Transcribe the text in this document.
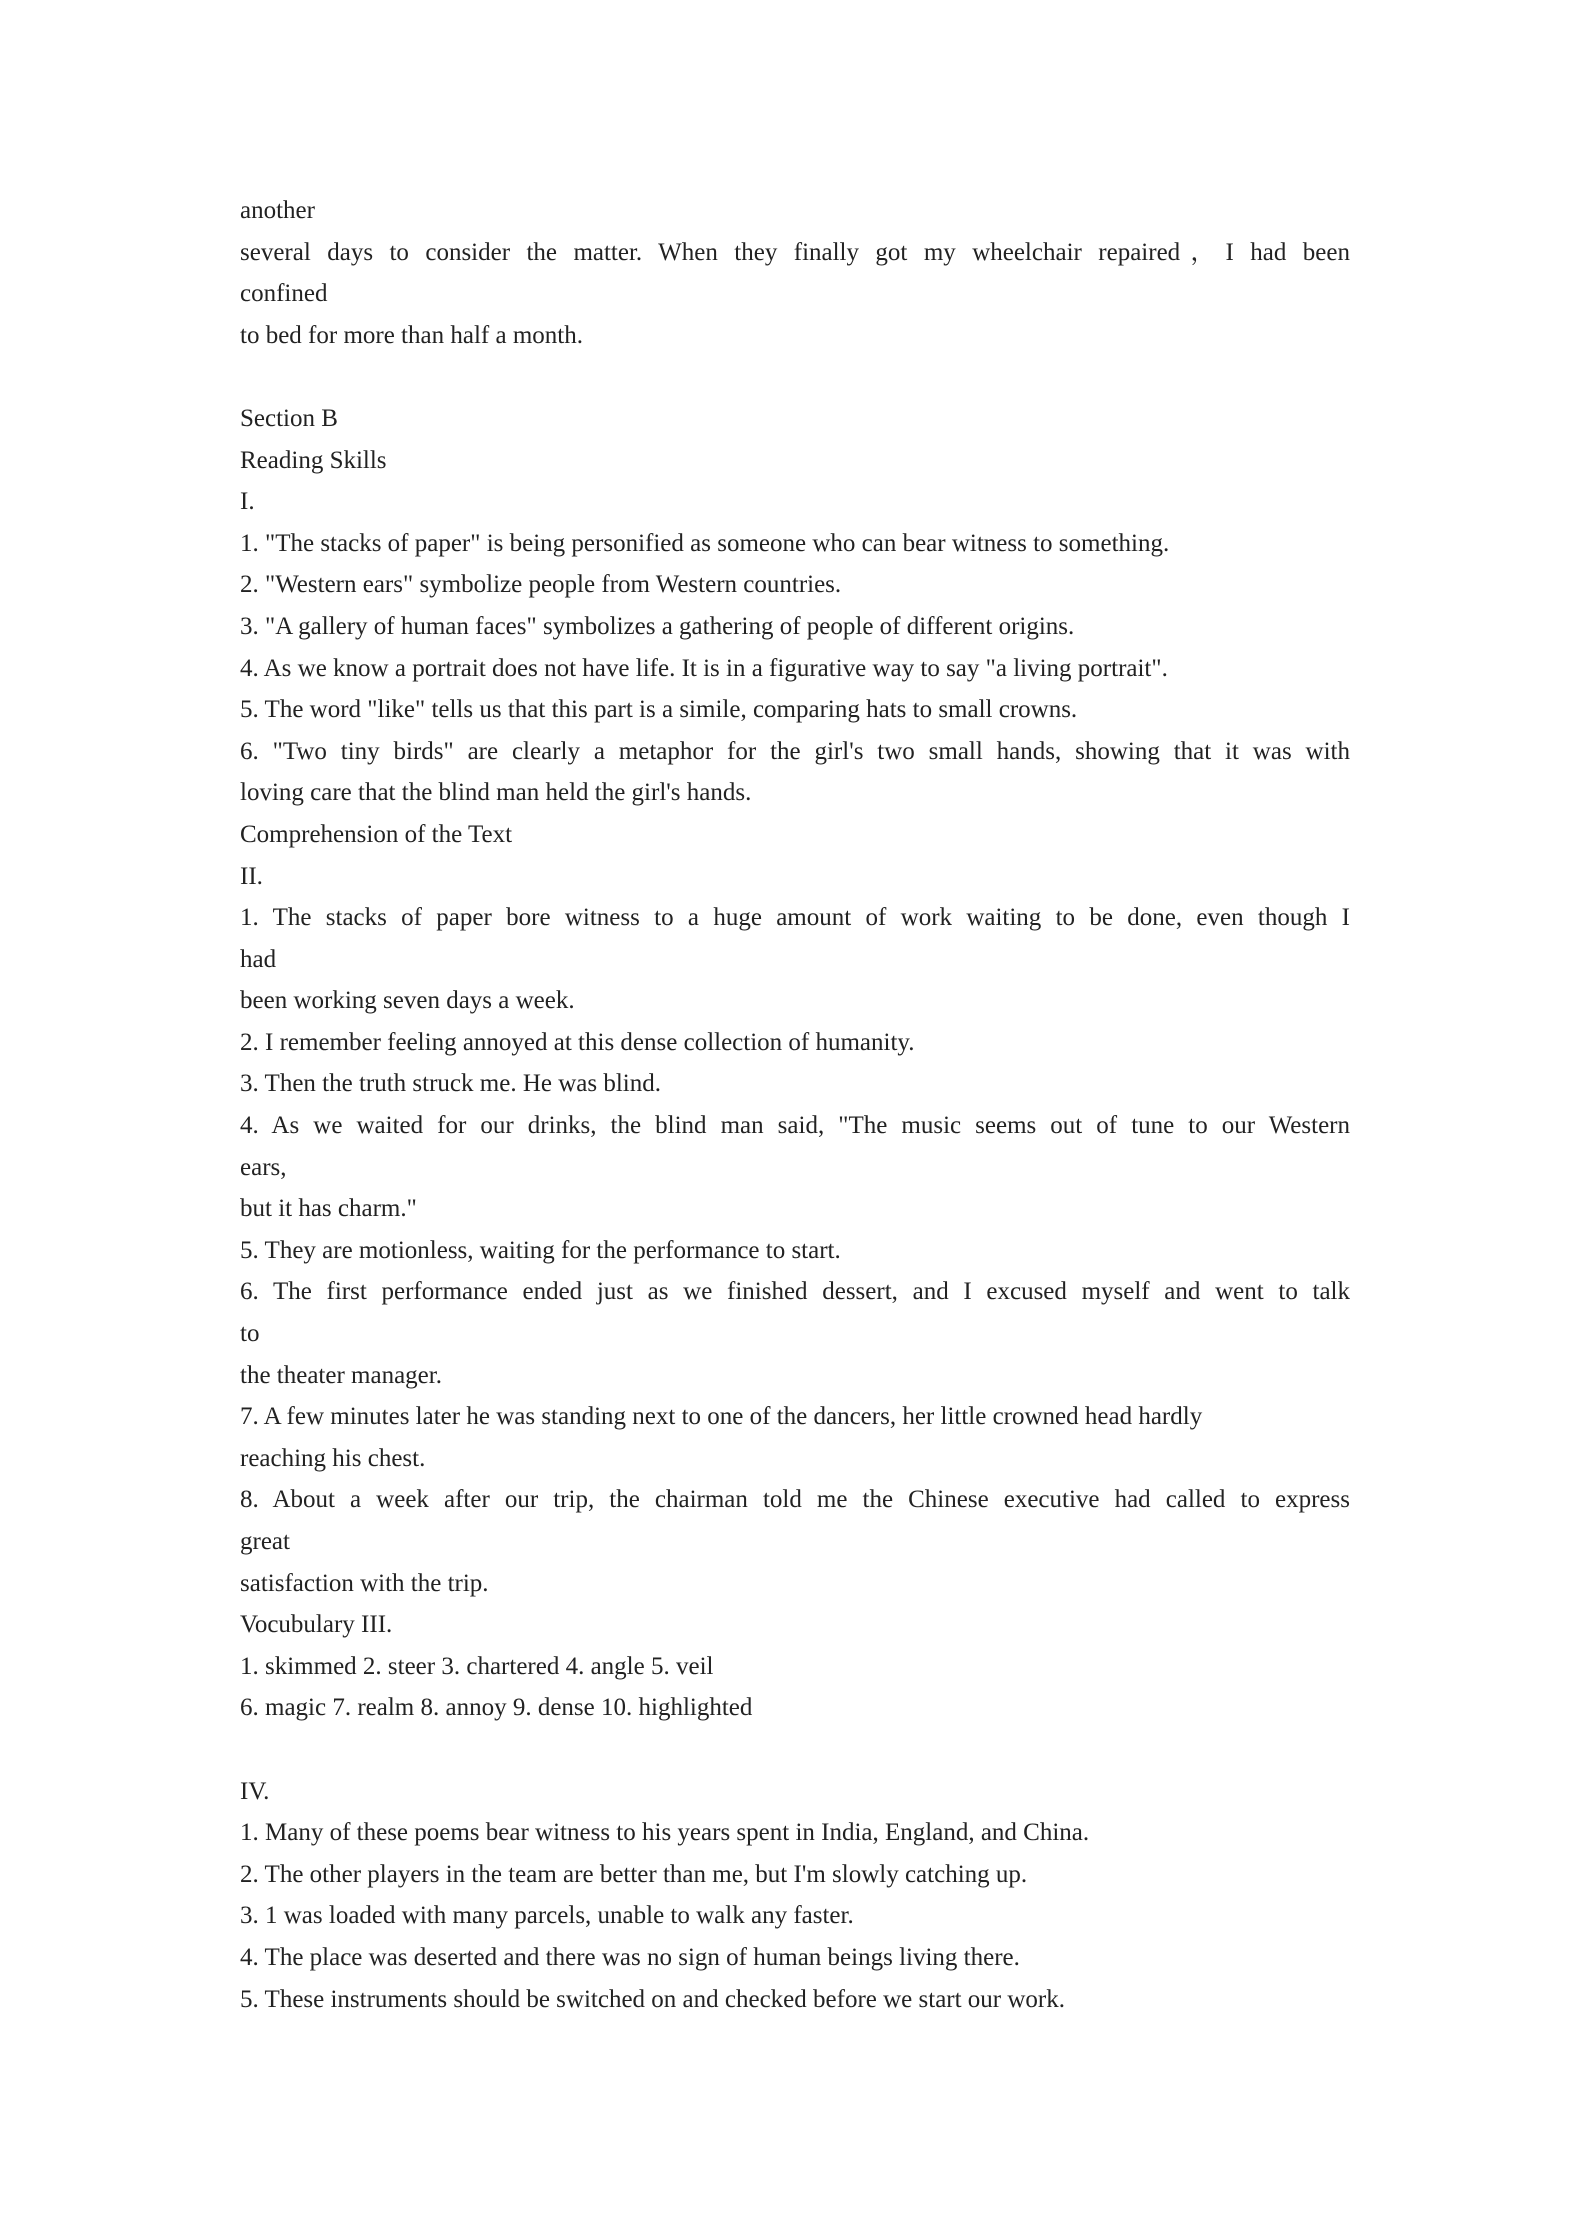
another
several days to consider the matter. When they finally got my wheelchair repaired，I had been
confined
to bed for more than half a month.
Section B
Reading Skills
I.
1. "The stacks of paper" is being personified as someone who can bear witness to something.
2. "Western ears" symbolize people from Western countries.
3. "A gallery of human faces" symbolizes a gathering of people of different origins.
4. As we know a portrait does not have life. It is in a figurative way to say "a living portrait".
5. The word "like" tells us that this part is a simile, comparing hats to small crowns.
6. "Two tiny birds" are clearly a metaphor for the girl's two small hands, showing that it was with
loving care that the blind man held the girl's hands.
Comprehension of the Text
II.
1. The stacks of paper bore witness to a huge amount of work waiting to be done, even though I
had
been working seven days a week.
2. I remember feeling annoyed at this dense collection of humanity.
3. Then the truth struck me. He was blind.
4. As we waited for our drinks, the blind man said, "The music seems out of tune to our Western
ears,
but it has charm."
5. They are motionless, waiting for the performance to start.
6. The first performance ended just as we finished dessert, and I excused myself and went to talk
to
the theater manager.
7. A few minutes later he was standing next to one of the dancers, her little crowned head hardly
reaching his chest.
8. About a week after our trip, the chairman told me the Chinese executive had called to express
great
satisfaction with the trip.
Vocubulary III.
1. skimmed 2. steer 3. chartered 4. angle 5. veil
6. magic 7. realm 8. annoy 9. dense 10. highlighted
IV.
1. Many of these poems bear witness to his years spent in India, England, and China.
2. The other players in the team are better than me, but I'm slowly catching up.
3. 1 was loaded with many parcels, unable to walk any faster.
4. The place was deserted and there was no sign of human beings living there.
5. These instruments should be switched on and checked before we start our work.
